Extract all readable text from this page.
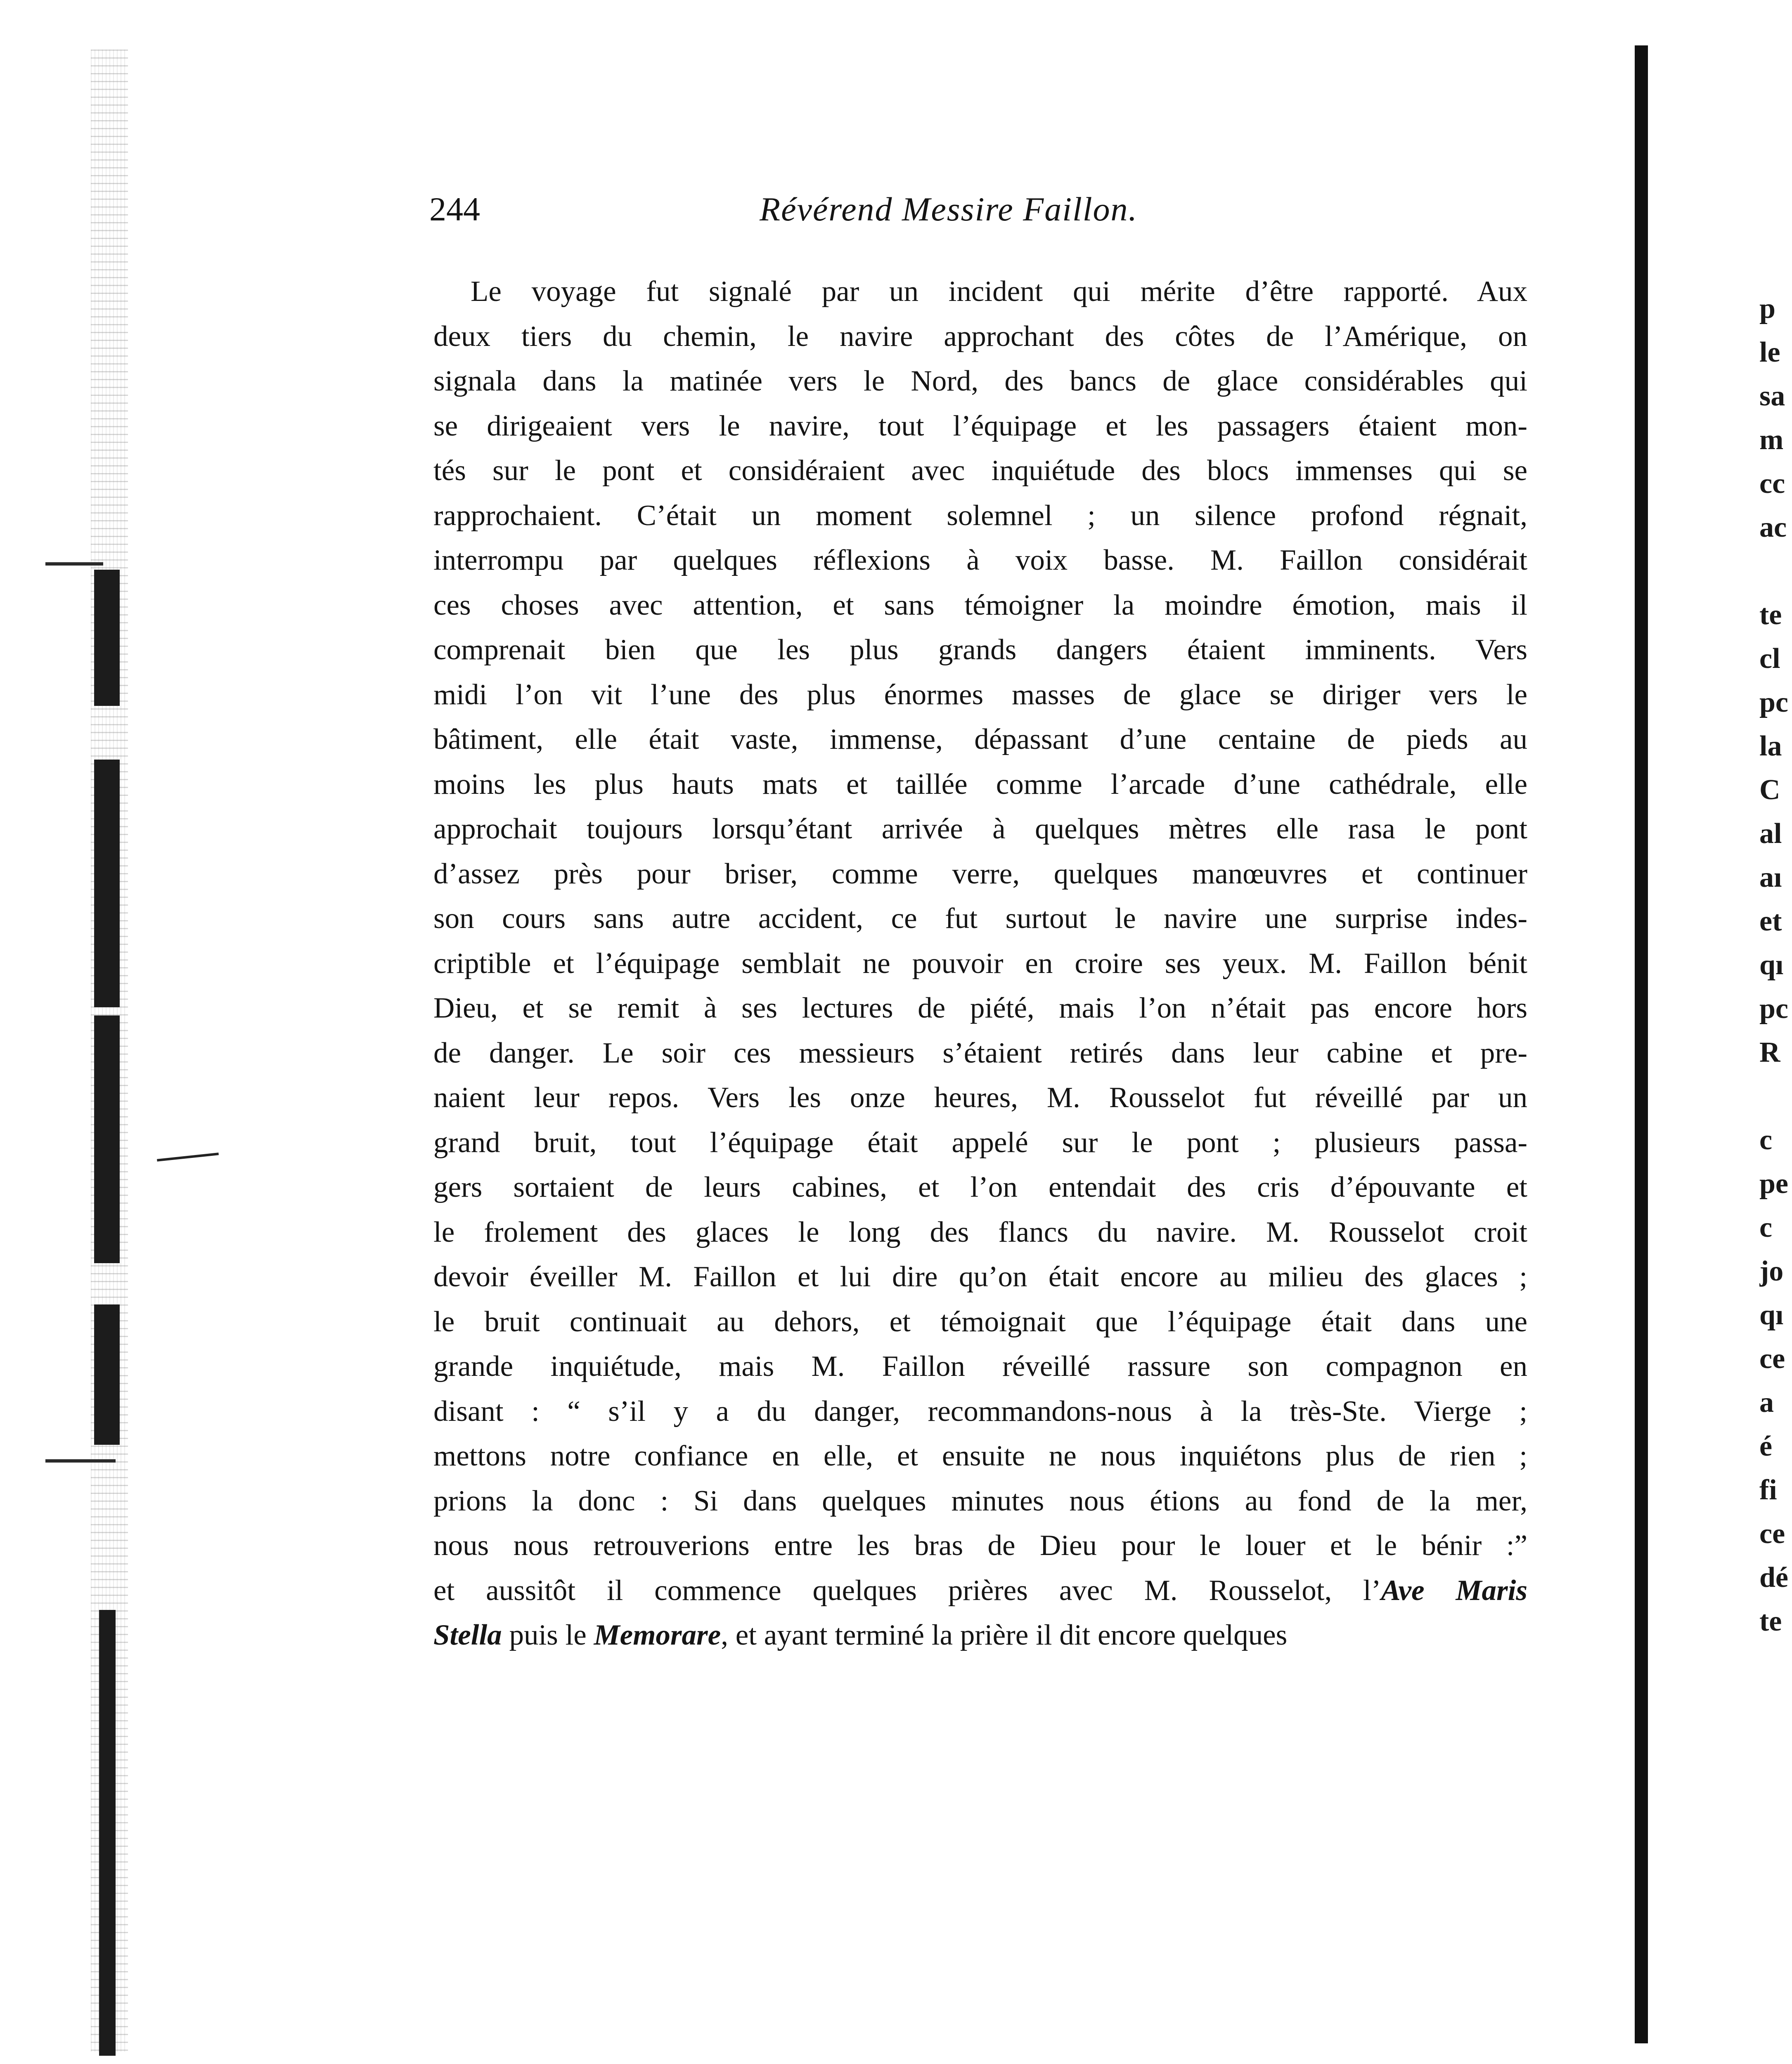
244	Révérend Messire Faillon.
Le voyage fut signalé par un incident qui mérite d’être rapporté. Aux
deux tiers du chemin, le navire approchant des côtes de l’Amérique, on
signala dans la matinée vers le Nord, des bancs de glace considérables qui
se dirigeaient vers le navire, tout l’équipage et les passagers étaient mon-
tés sur le pont et considéraient avec inquiétude des blocs immenses qui se
rapprochaient. C’était un moment solemnel ; un silence profond régnait,
interrompu par quelques réflexions à voix basse. M. Faillon considérait
ces choses avec attention, et sans témoigner la moindre émotion, mais il
comprenait bien que les plus grands dangers étaient imminents. Vers
midi l’on vit l’une des plus énormes masses de glace se diriger vers le
bâtiment, elle était vaste, immense, dépassant d’une centaine de pieds au
moins les plus hauts mats et taillée comme l’arcade d’une cathédrale, elle
approchait toujours lorsqu’étant arrivée à quelques mètres elle rasa le pont
d’assez près pour briser, comme verre, quelques manœuvres et continuer
son cours sans autre accident, ce fut surtout le navire une surprise indes-
criptible et l’équipage semblait ne pouvoir en croire ses yeux. M. Faillon bénit
Dieu, et se remit à ses lectures de piété, mais l’on n’était pas encore hors
de danger. Le soir ces messieurs s’étaient retirés dans leur cabine et pre-
naient leur repos. Vers les onze heures, M. Rousselot fut réveillé par un
grand bruit, tout l’équipage était appelé sur le pont ; plusieurs passa-
gers sortaient de leurs cabines, et l’on entendait des cris d’épouvante et
le frolement des glaces le long des flancs du navire. M. Rousselot croit
devoir éveiller M. Faillon et lui dire qu’on était encore au milieu des glaces ;
le bruit continuait au dehors, et témoignait que l’équipage était dans une
grande inquiétude, mais M. Faillon réveillé rassure son compagnon en
disant : “ s’il y a du danger, recommandons-nous à la très-Ste. Vierge ;
mettons notre confiance en elle, et ensuite ne nous inquiétons plus de rien ;
prions la donc : Si dans quelques minutes nous étions au fond de la mer,
nous nous retrouverions entre les bras de Dieu pour le louer et le bénir :”
et aussitôt il commence quelques prières avec M. Rousselot, l’Ave Maris
Stella puis le Memorare, et ayant terminé la prière il dit encore quelques
p
le
sa
m
cc
ac
te
cl
pc
la
C
al
aı
et
qı
pc
R
c
pe
c
jo
qı
ce
a
é
fi
ce
dé
te
